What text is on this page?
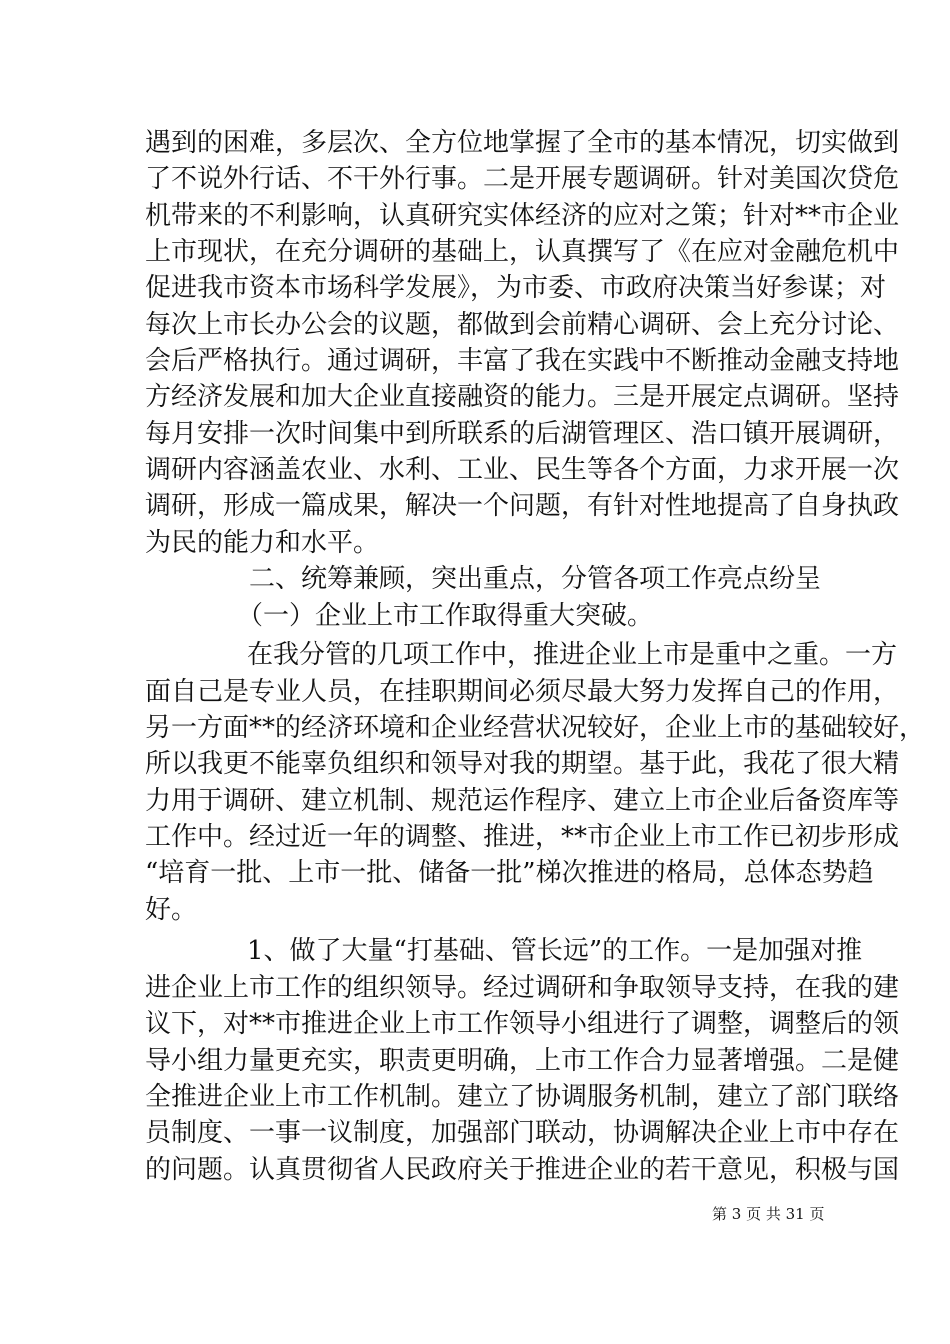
遇到的困难，多层次、全方位地掌握了全市的基本情况，切实做到
了不说外行话、不干外行事。二是开展专题调研。针对美国次贷危
机带来的不利影响，认真研究实体经济的应对之策；针对**市企业
上市现状，在充分调研的基础上，认真撰写了《在应对金融危机中
促进我市资本市场科学发展》，为市委、市政府决策当好参谋；对
每次上市长办公会的议题，都做到会前精心调研、会上充分讨论、
会后严格执行。通过调研，丰富了我在实践中不断推动金融支持地
方经济发展和加大企业直接融资的能力。三是开展定点调研。坚持
每月安排一次时间集中到所联系的后湖管理区、浩口镇开展调研，
调研内容涵盖农业、水利、工业、民生等各个方面，力求开展一次
调研，形成一篇成果，解决一个问题，有针对性地提高了自身执政
为民的能力和水平。
二、统筹兼顾，突出重点，分管各项工作亮点纷呈
（一）企业上市工作取得重大突破。
在我分管的几项工作中，推进企业上市是重中之重。一方
面自己是专业人员，在挂职期间必须尽最大努力发挥自己的作用，
另一方面**的经济环境和企业经营状况较好，企业上市的基础较好，
所以我更不能辜负组织和领导对我的期望。基于此，我花了很大精
力用于调研、建立机制、规范运作程序、建立上市企业后备资库等
工作中。经过近一年的调整、推进，**市企业上市工作已初步形成
“培育一批、上市一批、储备一批”梯次推进的格局，总体态势趋
好。
1、做了大量“打基础、管长远”的工作。一是加强对推
进企业上市工作的组织领导。经过调研和争取领导支持，在我的建
议下，对**市推进企业上市工作领导小组进行了调整，调整后的领
导小组力量更充实，职责更明确，上市工作合力显著增强。二是健
全推进企业上市工作机制。建立了协调服务机制，建立了部门联络
员制度、一事一议制度，加强部门联动，协调解决企业上市中存在
的问题。认真贯彻省人民政府关于推进企业的若干意见，积极与国
第 3 页 共 31 页
